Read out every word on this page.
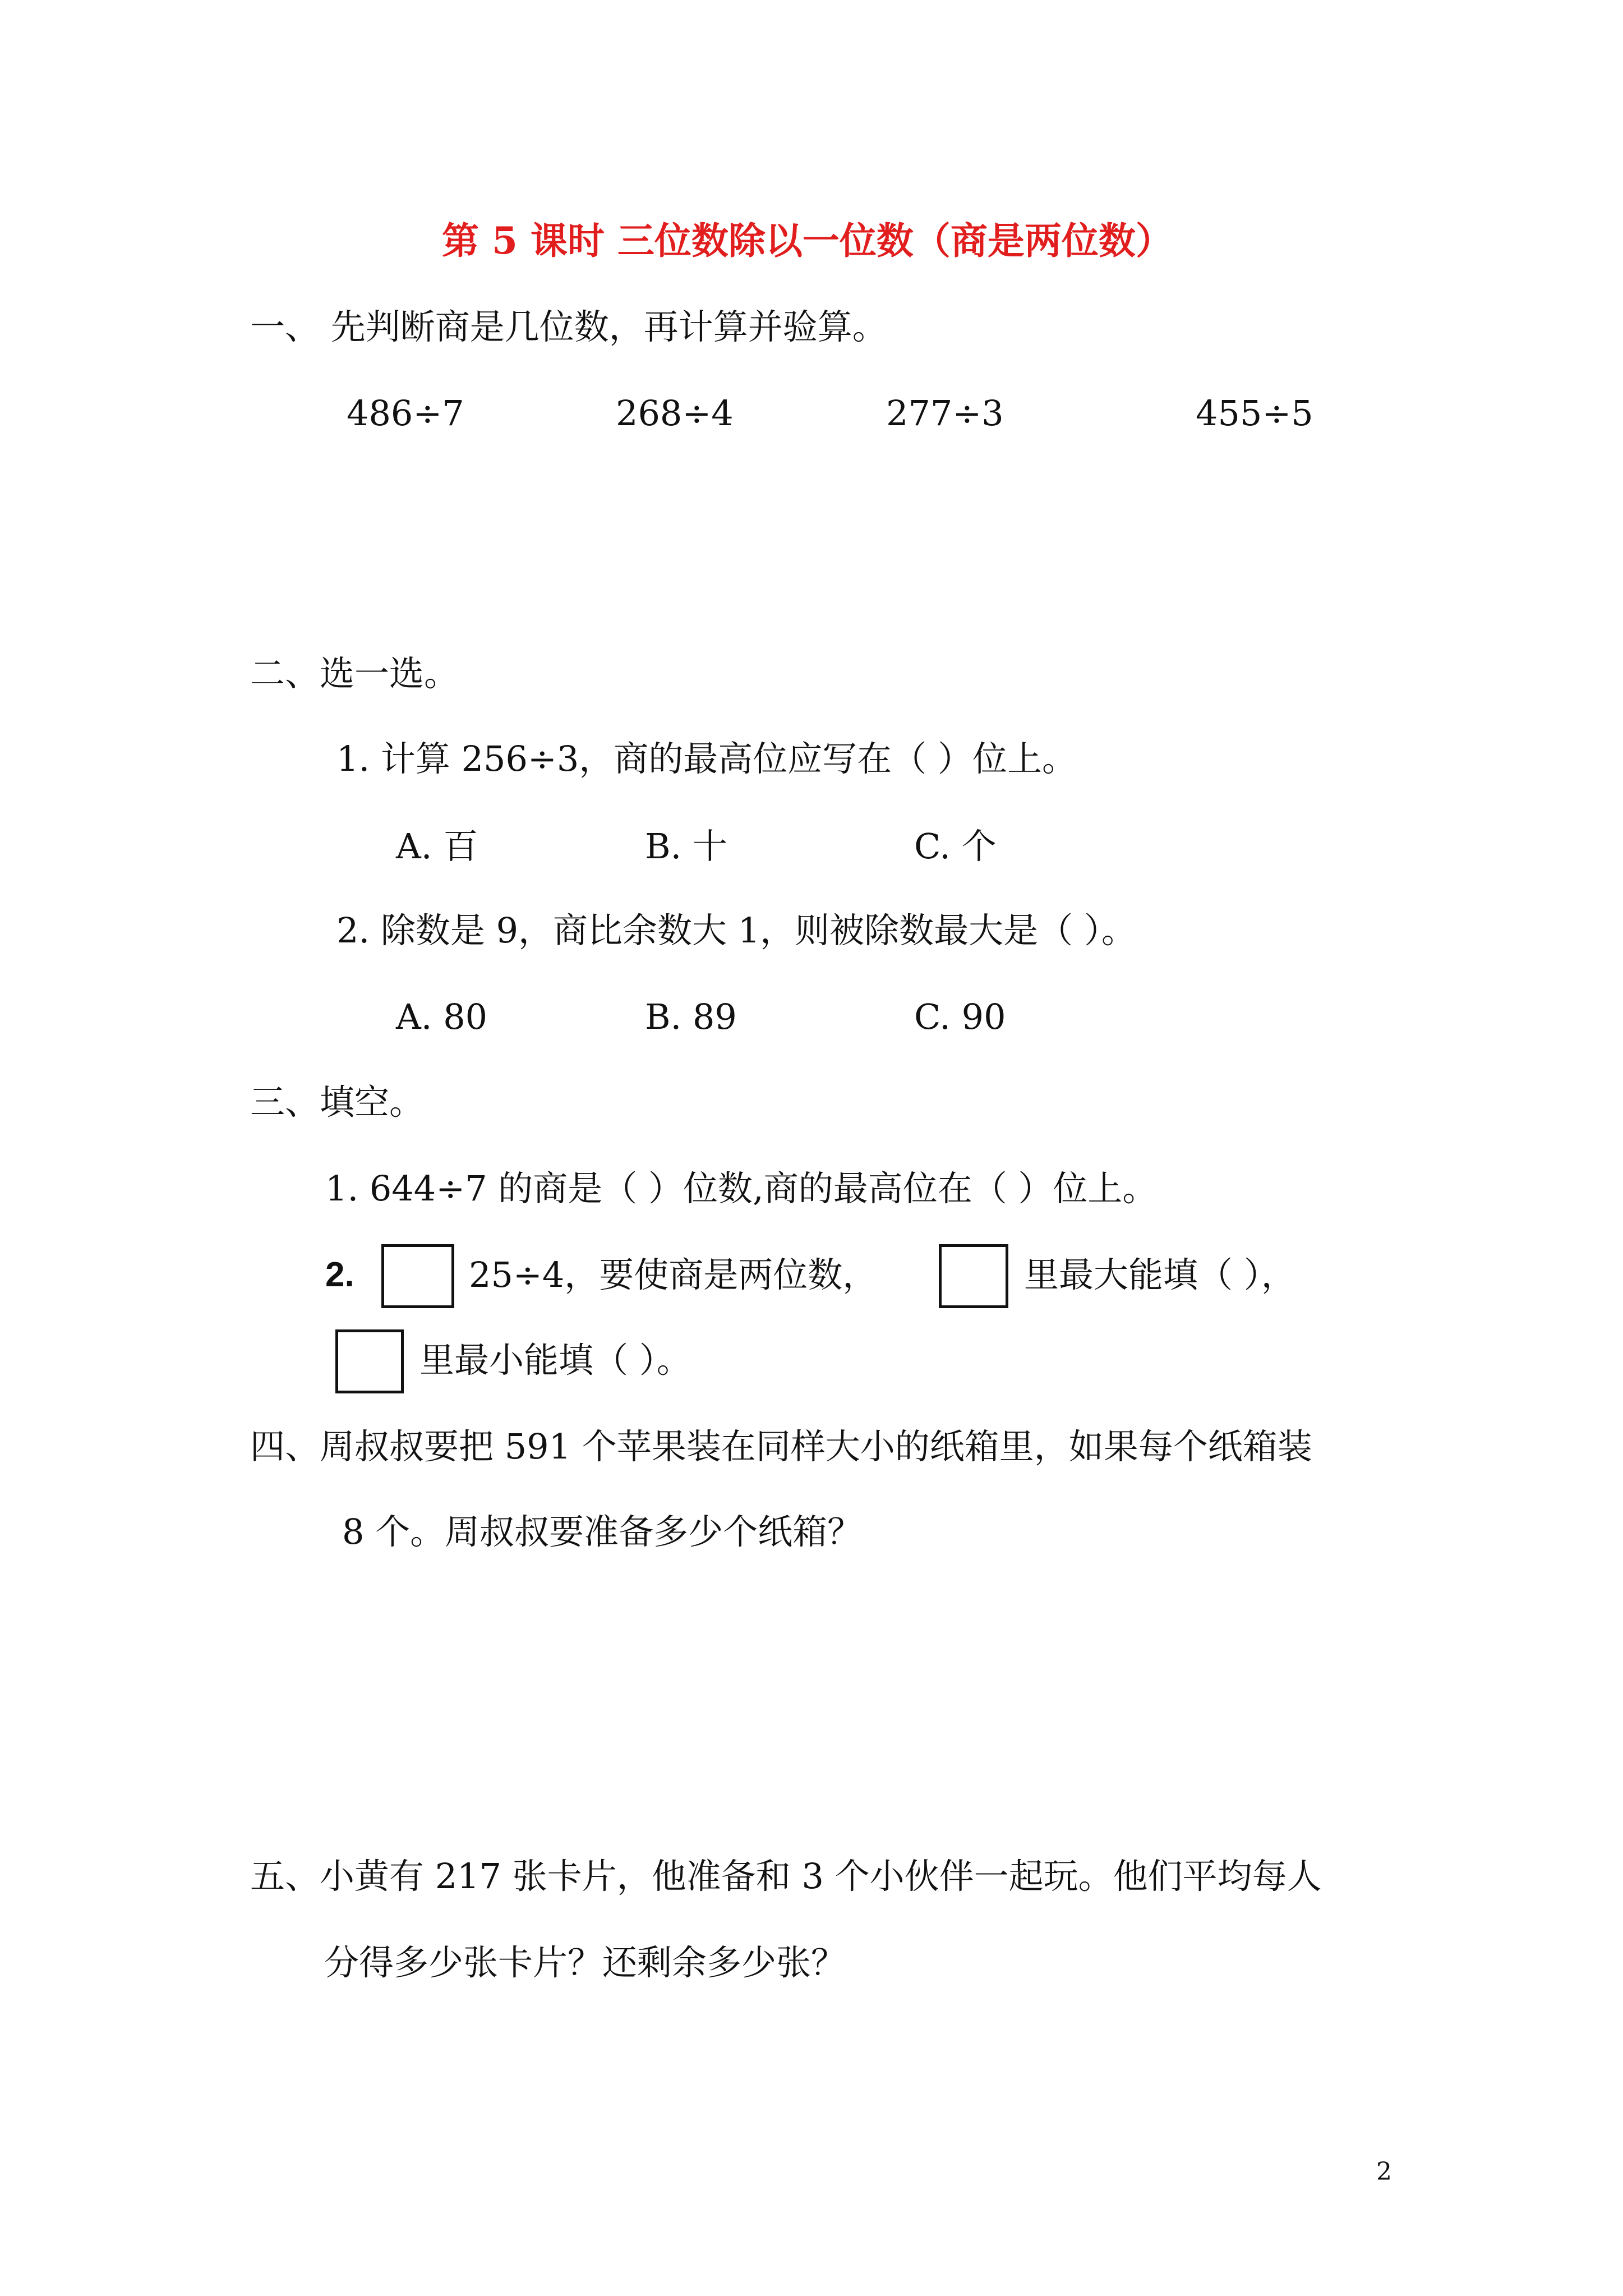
第 5 课时 三位数除以一位数（商是两位数）
一、 先判断商是几位数，再计算并验算。
486÷7	268÷4	277÷3	455÷5
二、选一选。
1. 计算 256÷3，商的最高位应写在（ ）位上。
A. 百	B. 十	C. 个
2. 除数是 9，商比余数大 1，则被除数最大是（ ）。
A. 80	B. 89	C. 90
三、填空。
1. 644÷7 的商是（ ）位数,商的最高位在（ ）位上。
2.	25÷4，要使商是两位数，	里最大能填（ ），
里最小能填（ ）。
四、周叔叔要把 591 个苹果装在同样大小的纸箱里，如果每个纸箱装
8 个。周叔叔要准备多少个纸箱？
五、小黄有 217 张卡片，他准备和 3 个小伙伴一起玩。他们平均每人
分得多少张卡片？还剩余多少张？
2
